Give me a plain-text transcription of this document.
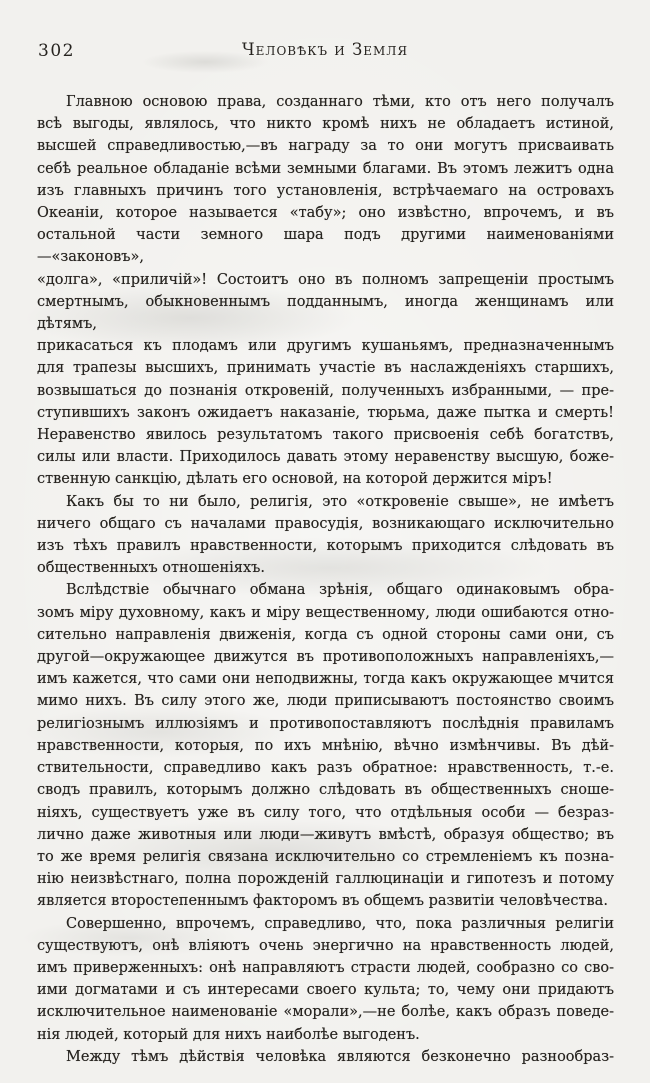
302	Человѣкъ и Земля
Главною основою права, созданнаго тѣми, кто отъ него получалъ
всѣ выгоды, являлось, что никто кромѣ нихъ не обладаетъ истиной,
высшей справедливостью,—въ награду за то они могутъ присваивать
себѣ реальное обладаніе всѣми земными благами. Въ этомъ лежитъ одна
изъ главныхъ причинъ того установленія, встрѣчаемаго на островахъ
Океаніи, которое называется «табу»; оно извѣстно, впрочемъ, и въ
остальной части земного шара подъ другими наименованіями—«законовъ»,
«долга», «приличій»! Состоитъ оно въ полномъ запрещеніи простымъ
смертнымъ, обыкновеннымъ подданнымъ, иногда женщинамъ или дѣтямъ,
прикасаться къ плодамъ или другимъ кушаньямъ, предназначеннымъ
для трапезы высшихъ, принимать участіе въ наслажденіяхъ старшихъ,
возвышаться до познанія откровеній, полученныхъ избранными, — пре-
ступившихъ законъ ожидаетъ наказаніе, тюрьма, даже пытка и смерть!
Неравенство явилось результатомъ такого присвоенія себѣ богатствъ,
силы или власти. Приходилось давать этому неравенству высшую, боже-
ственную санкцію, дѣлать его основой, на которой держится міръ!
Какъ бы то ни было, религія, это «откровеніе свыше», не имѣетъ
ничего общаго съ началами правосудія, возникающаго исключительно
изъ тѣхъ правилъ нравственности, которымъ приходится слѣдовать въ
общественныхъ отношеніяхъ.
Вслѣдствіе обычнаго обмана зрѣнія, общаго одинаковымъ обра-
зомъ міру духовному, какъ и міру вещественному, люди ошибаются отно-
сительно направленія движенія, когда съ одной стороны сами они, съ
другой—окружающее движутся въ противоположныхъ направленіяхъ,—
имъ кажется, что сами они неподвижны, тогда какъ окружающее мчится
мимо нихъ. Въ силу этого же, люди приписываютъ постоянство своимъ
религіознымъ иллюзіямъ и противопоставляютъ послѣднія правиламъ
нравственности, которыя, по ихъ мнѣнію, вѣчно измѣнчивы. Въ дѣй-
ствительности, справедливо какъ разъ обратное: нравственность, т.-е.
сводъ правилъ, которымъ должно слѣдовать въ общественныхъ сноше-
ніяхъ, существуетъ уже въ силу того, что отдѣльныя особи — безраз-
лично даже животныя или люди—живутъ вмѣстѣ, образуя общество; въ
то же время религія связана исключительно со стремленіемъ къ позна-
нію неизвѣстнаго, полна порожденій галлюцинаціи и гипотезъ и потому
является второстепеннымъ факторомъ въ общемъ развитіи человѣчества.
Совершенно, впрочемъ, справедливо, что, пока различныя религіи
существуютъ, онѣ вліяютъ очень энергично на нравственность людей,
имъ приверженныхъ: онѣ направляютъ страсти людей, сообразно со сво-
ими догматами и съ интересами своего культа; то, чему они придаютъ
исключительное наименованіе «морали»,—не болѣе, какъ образъ поведе-
нія людей, который для нихъ наиболѣе выгоденъ.
Между тѣмъ дѣйствія человѣка являются безконечно разнообраз-
